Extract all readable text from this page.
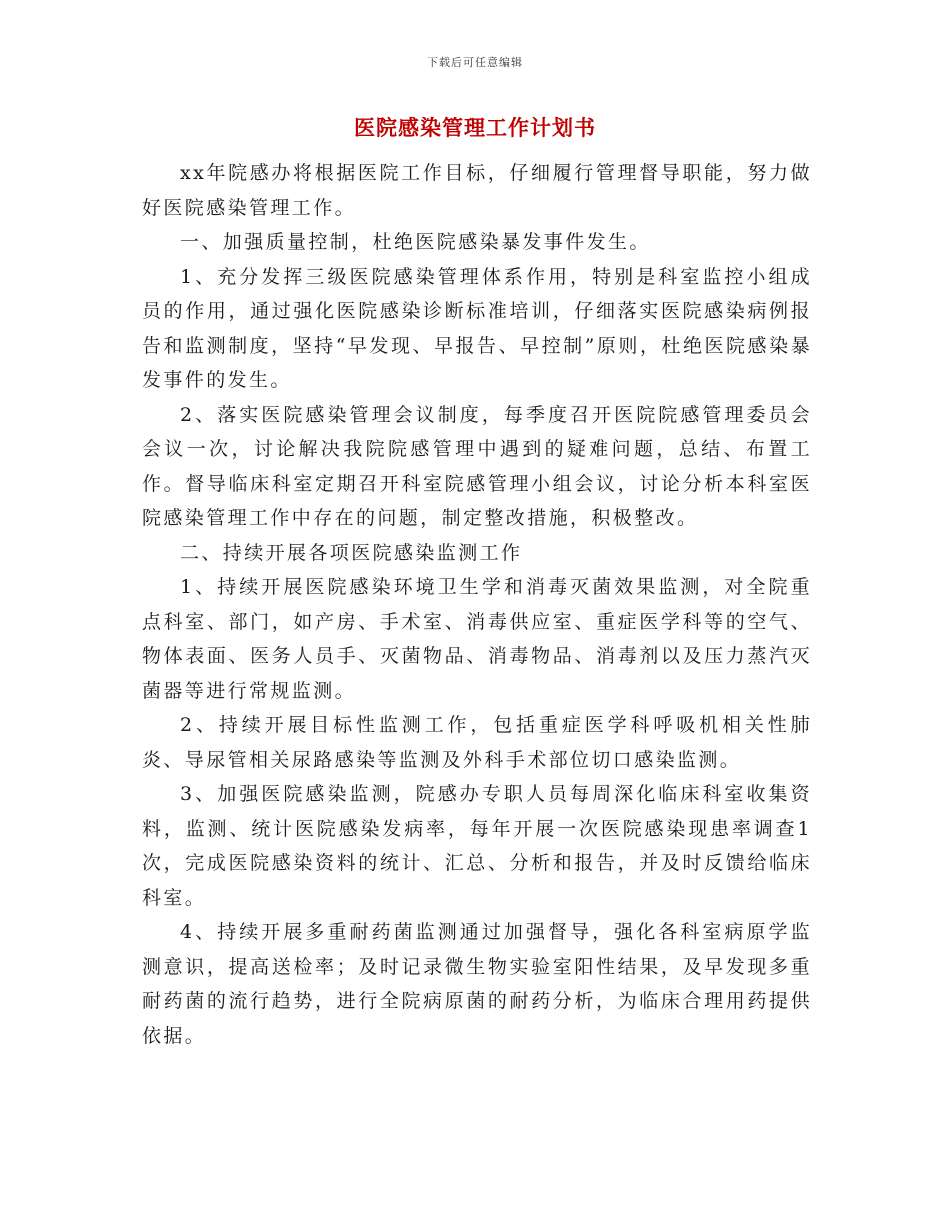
下载后可任意编辑
医院感染管理工作计划书

xx年院感办将根据医院工作目标，仔细履行管理督导职能，努力做好医院感染管理工作。

一、加强质量控制，杜绝医院感染暴发事件发生。

1、充分发挥三级医院感染管理体系作用，特别是科室监控小组成员的作用，通过强化医院感染诊断标准培训，仔细落实医院感染病例报告和监测制度，坚持“早发现、早报告、早控制”原则，杜绝医院感染暴发事件的发生。

2、落实医院感染管理会议制度，每季度召开医院院感管理委员会会议一次，讨论解决我院院感管理中遇到的疑难问题，总结、布置工作。督导临床科室定期召开科室院感管理小组会议，讨论分析本科室医院感染管理工作中存在的问题，制定整改措施，积极整改。

二、持续开展各项医院感染监测工作

1、持续开展医院感染环境卫生学和消毒灭菌效果监测，对全院重点科室、部门，如产房、手术室、消毒供应室、重症医学科等的空气、物体表面、医务人员手、灭菌物品、消毒物品、消毒剂以及压力蒸汽灭菌器等进行常规监测。

2、持续开展目标性监测工作，包括重症医学科呼吸机相关性肺炎、导尿管相关尿路感染等监测及外科手术部位切口感染监测。

3、加强医院感染监测，院感办专职人员每周深化临床科室收集资料，监测、统计医院感染发病率，每年开展一次医院感染现患率调查1次，完成医院感染资料的统计、汇总、分析和报告，并及时反馈给临床科室。

4、持续开展多重耐药菌监测通过加强督导，强化各科室病原学监测意识，提高送检率；及时记录微生物实验室阳性结果，及早发现多重耐药菌的流行趋势，进行全院病原菌的耐药分析，为临床合理用药提供依据。
